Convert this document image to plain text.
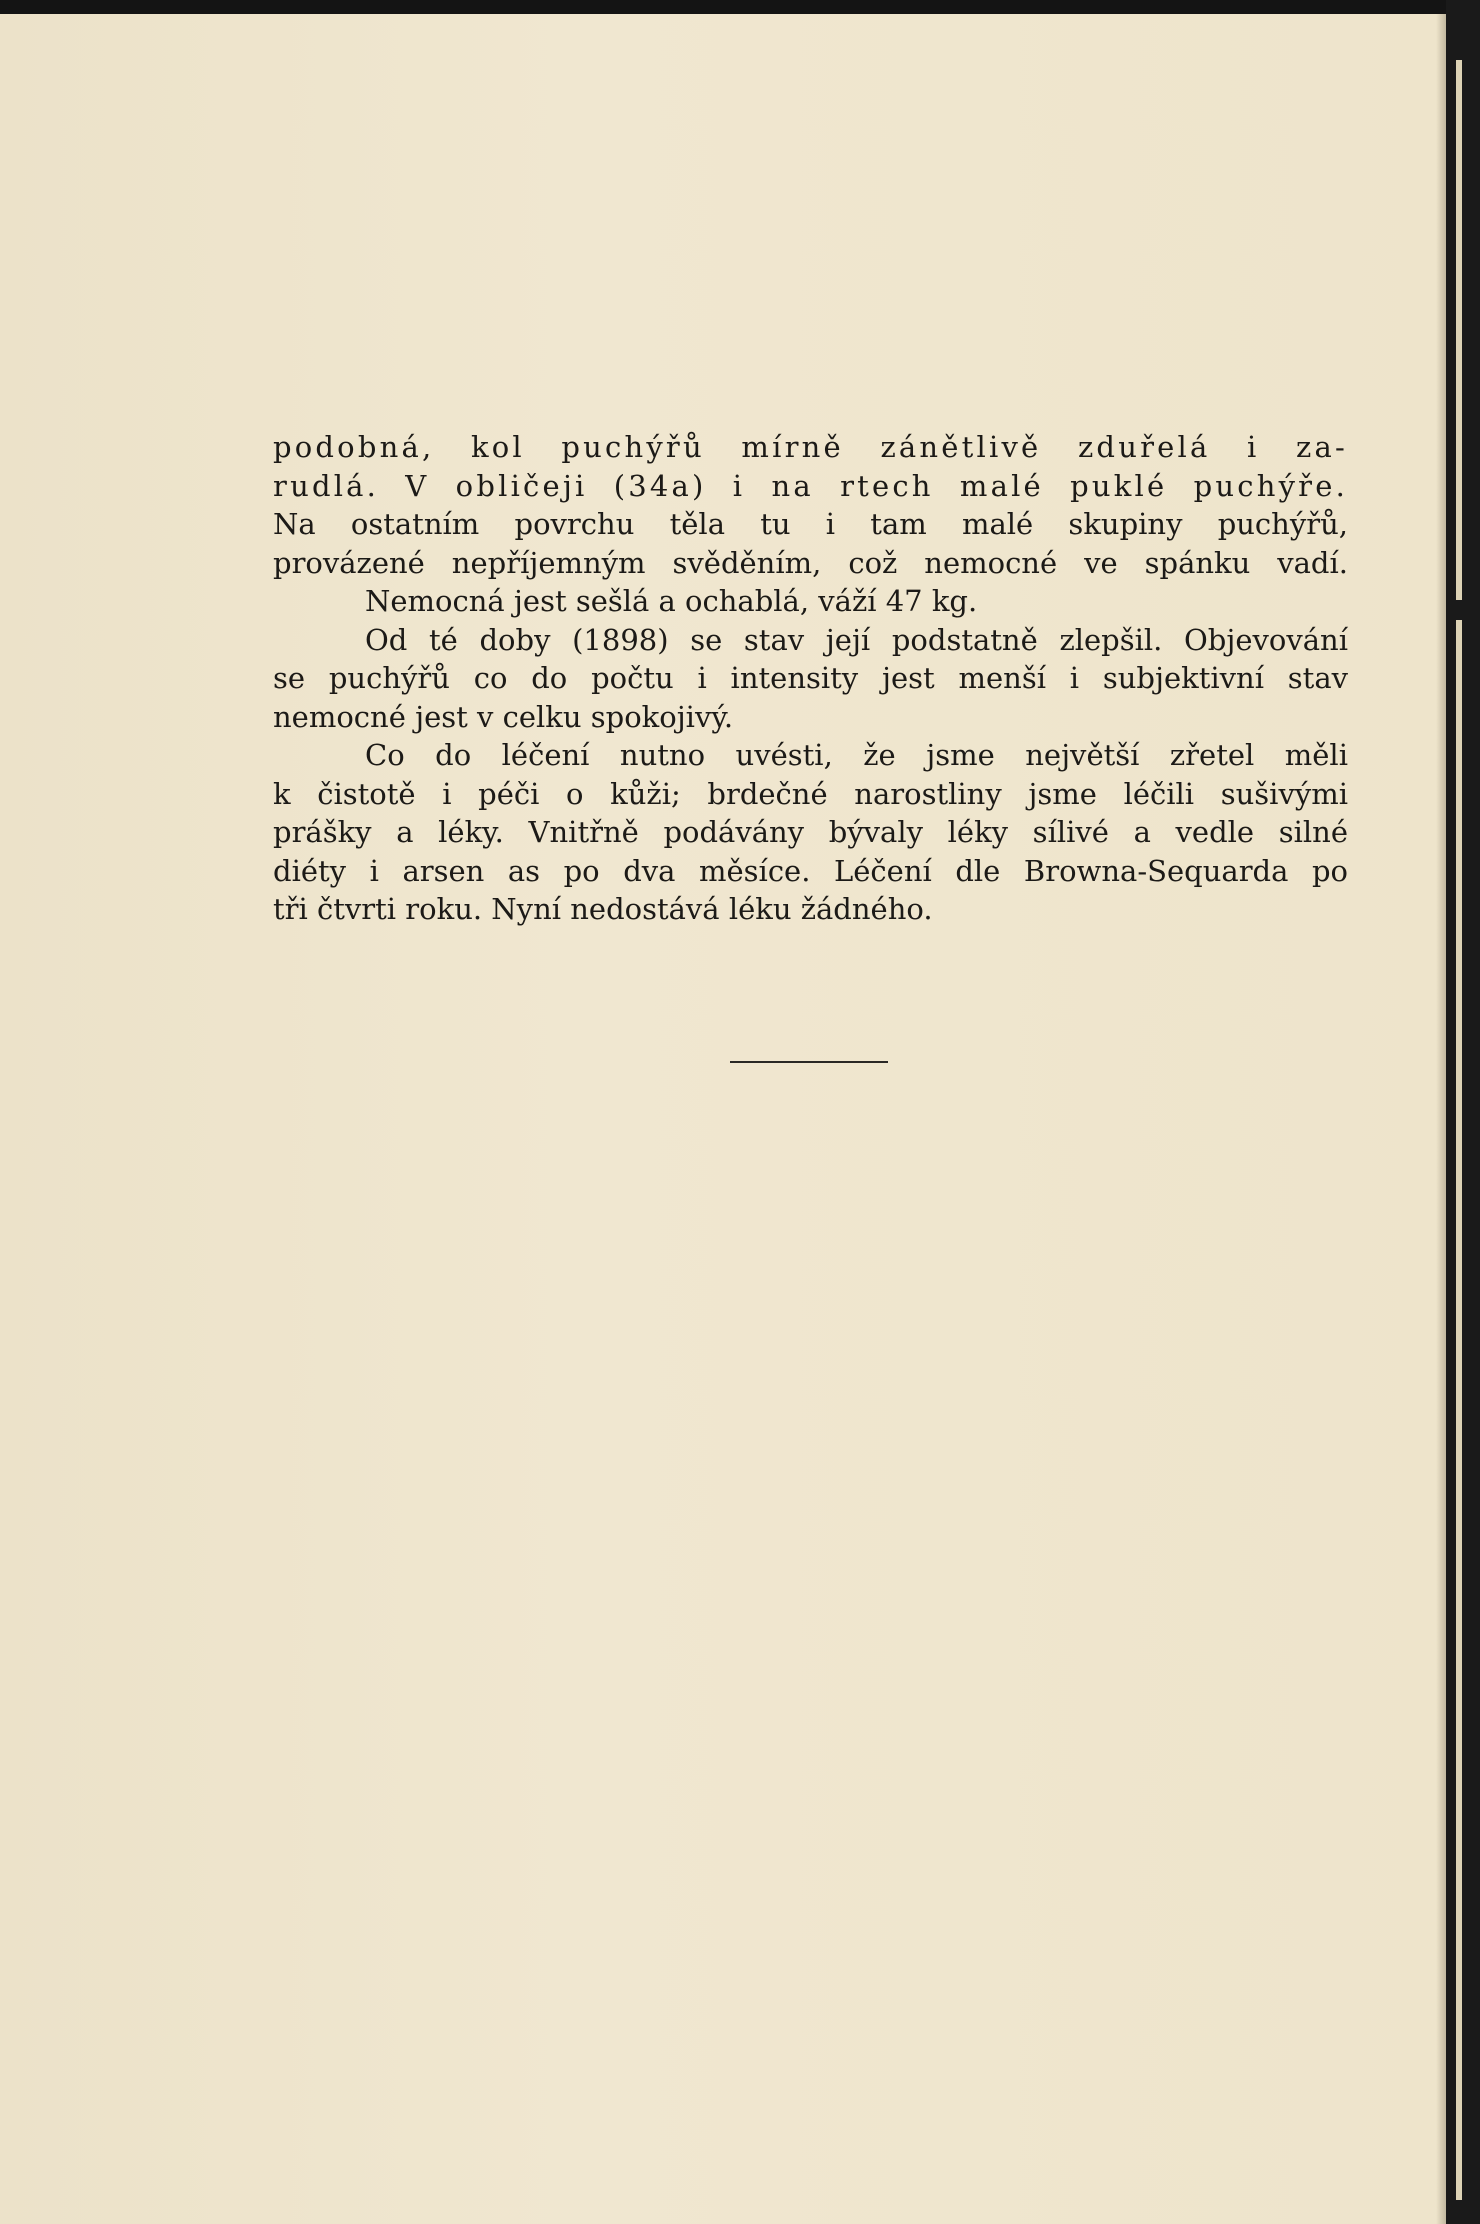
podobná, kol puchýřů mírně zánětlivě zduřelá i za-
rudlá. V obličeji (34a) i na rtech malé puklé puchýře.
Na ostatním povrchu těla tu i tam malé skupiny puchýřů,
provázené nepříjemným svěděním, což nemocné ve spánku vadí.

Nemocná jest sešlá a ochablá, váží 47 kg.

Od té doby (1898) se stav její podstatně zlepšil. Objevování
se puchýřů co do počtu i intensity jest menší i subjektivní stav
nemocné jest v celku spokojivý.

Co do léčení nutno uvésti, že jsme největší zřetel měli
k čistotě i péči o kůži; brdečné narostliny jsme léčili sušivými
prášky a léky. Vnitřně podávány bývaly léky sílivé a vedle silné
diéty i arsen as po dva měsíce. Léčení dle Browna-Sequarda po
tři čtvrti roku. Nyní nedostává léku žádného.
